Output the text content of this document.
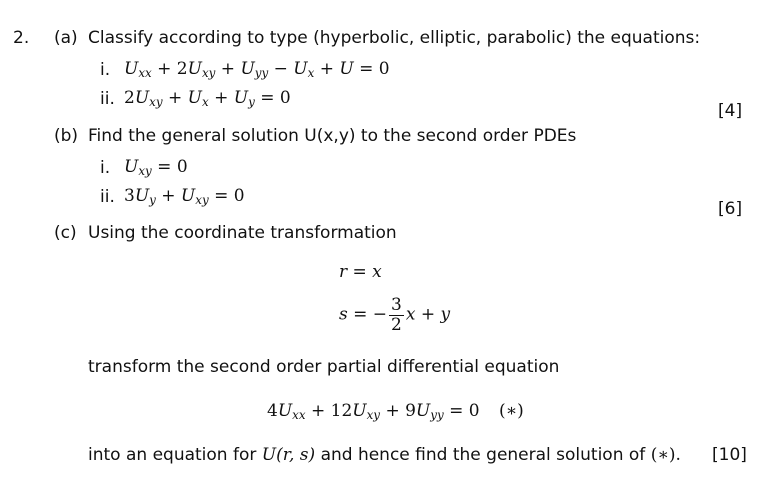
2. (a) Classify according to type (hyperbolic, elliptic, parabolic) the equations:
i. $U_{xx} + 2U_{xy} + U_{yy} - U_x + U = 0$
ii. $2U_{xy} + U_x + U_y = 0$
[4]
(b) Find the general solution U(x,y) to the second order PDEs
i. $U_{xy} = 0$
ii. $3U_y + U_{xy} = 0$
[6]
(c) Using the coordinate transformation
r = x
s = − $\frac{3}{2}$ x + y
transform the second order partial differential equation
$4U_{xx} + 12U_{xy} + 9U_{yy} = 0$ (∗)
into an equation for U(r, s) and hence find the general solution of (∗). [10]
